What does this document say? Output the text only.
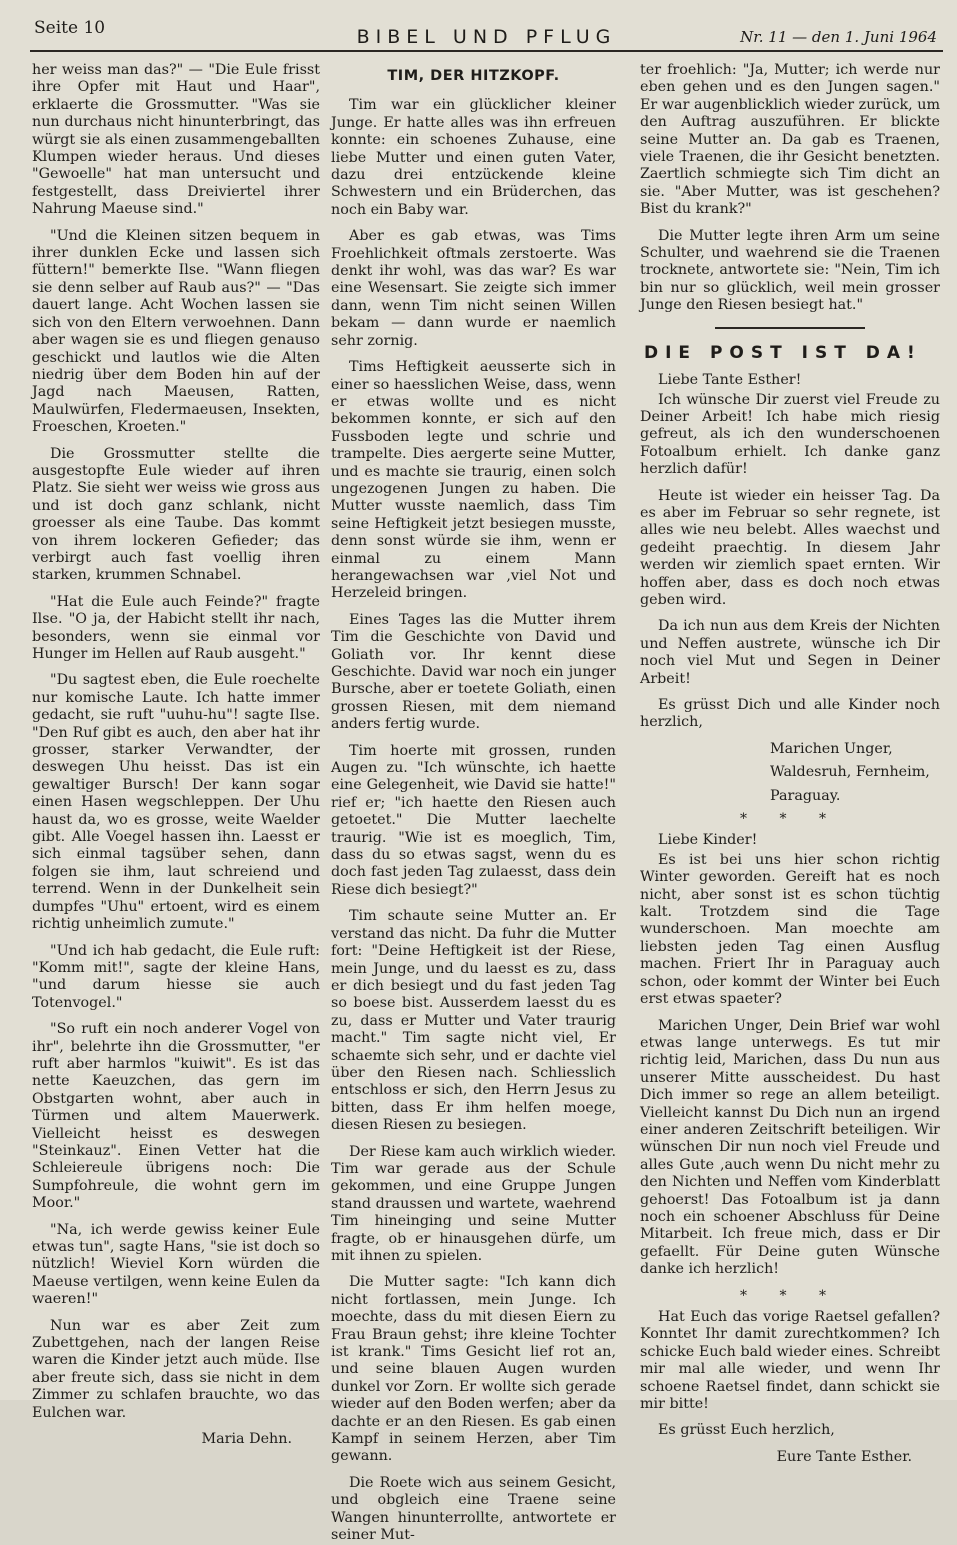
Seite 10	BIBEL UND PFLUG	Nr. 11 — den 1. Juni 1964

her weiss man das?" — "Die Eule frisst ihre Opfer mit Haut und Haar", erklaerte die Grossmutter. "Was sie nun durchaus nicht hinunterbringt, das würgt sie als einen zusammengeballten Klumpen wieder heraus. Und dieses "Gewoelle" hat man untersucht und festgestellt, dass Dreiviertel ihrer Nahrung Maeuse sind."

"Und die Kleinen sitzen bequem in ihrer dunklen Ecke und lassen sich füttern!" bemerkte Ilse. "Wann fliegen sie denn selber auf Raub aus?" — "Das dauert lange. Acht Wochen lassen sie sich von den Eltern verwoehnen. Dann aber wagen sie es und fliegen genauso geschickt und lautlos wie die Alten niedrig über dem Boden hin auf der Jagd nach Maeusen, Ratten, Maulwürfen, Fledermaeusen, Insekten, Froeschen, Kroeten."

Die Grossmutter stellte die ausgestopfte Eule wieder auf ihren Platz. Sie sieht wer weiss wie gross aus und ist doch ganz schlank, nicht groesser als eine Taube. Das kommt von ihrem lockeren Gefieder; das verbirgt auch fast voellig ihren starken, krummen Schnabel.

"Hat die Eule auch Feinde?" fragte Ilse. "O ja, der Habicht stellt ihr nach, besonders, wenn sie einmal vor Hunger im Hellen auf Raub ausgeht."

"Du sagtest eben, die Eule roechelte nur komische Laute. Ich hatte immer gedacht, sie ruft "uuhu-hu"! sagte Ilse. "Den Ruf gibt es auch, den aber hat ihr grosser, starker Verwandter, der deswegen Uhu heisst. Das ist ein gewaltiger Bursch! Der kann sogar einen Hasen wegschleppen. Der Uhu haust da, wo es grosse, weite Waelder gibt. Alle Voegel hassen ihn. Laesst er sich einmal tagsüber sehen, dann folgen sie ihm, laut schreiend und terrend. Wenn in der Dunkelheit sein dumpfes "Uhu" ertoent, wird es einem richtig unheimlich zumute."

"Und ich hab gedacht, die Eule ruft: "Komm mit!", sagte der kleine Hans, "und darum hiesse sie auch Totenvogel."

"So ruft ein noch anderer Vogel von ihr", belehrte ihn die Grossmutter, "er ruft aber harmlos "kuiwit". Es ist das nette Kaeuzchen, das gern im Obstgarten wohnt, aber auch in Türmen und altem Mauerwerk. Vielleicht heisst es deswegen "Steinkauz". Einen Vetter hat die Schleiereule übrigens noch: Die Sumpfohreule, die wohnt gern im Moor."

"Na, ich werde gewiss keiner Eule etwas tun", sagte Hans, "sie ist doch so nützlich! Wieviel Korn würden die Maeuse vertilgen, wenn keine Eulen da waeren!"

Nun war es aber Zeit zum Zubettgehen, nach der langen Reise waren die Kinder jetzt auch müde. Ilse aber freute sich, dass sie nicht in dem Zimmer zu schlafen brauchte, wo das Eulchen war.

Maria Dehn.

TIM, DER HITZKOPF.

Tim war ein glücklicher kleiner Junge. Er hatte alles was ihn erfreuen konnte: ein schoenes Zuhause, eine liebe Mutter und einen guten Vater, dazu drei entzückende kleine Schwestern und ein Brüderchen, das noch ein Baby war.

Aber es gab etwas, was Tims Froehlichkeit oftmals zerstoerte. Was denkt ihr wohl, was das war? Es war eine Wesensart. Sie zeigte sich immer dann, wenn Tim nicht seinen Willen bekam — dann wurde er naemlich sehr zornig.

Tims Heftigkeit aeusserte sich in einer so haesslichen Weise, dass, wenn er etwas wollte und es nicht bekommen konnte, er sich auf den Fussboden legte und schrie und trampelte. Dies aergerte seine Mutter, und es machte sie traurig, einen solch ungezogenen Jungen zu haben. Die Mutter wusste naemlich, dass Tim seine Heftigkeit jetzt besiegen musste, denn sonst würde sie ihm, wenn er einmal zu einem Mann herangewachsen war ,viel Not und Herzeleid bringen.

Eines Tages las die Mutter ihrem Tim die Geschichte von David und Goliath vor. Ihr kennt diese Geschichte. David war noch ein junger Bursche, aber er toetete Goliath, einen grossen Riesen, mit dem niemand anders fertig wurde.

Tim hoerte mit grossen, runden Augen zu. "Ich wünschte, ich haette eine Gelegenheit, wie David sie hatte!" rief er; "ich haette den Riesen auch getoetet." Die Mutter laechelte traurig. "Wie ist es moeglich, Tim, dass du so etwas sagst, wenn du es doch fast jeden Tag zulaesst, dass dein Riese dich besiegt?"

Tim schaute seine Mutter an. Er verstand das nicht. Da fuhr die Mutter fort: "Deine Heftigkeit ist der Riese, mein Junge, und du laesst es zu, dass er dich besiegt und du fast jeden Tag so boese bist. Ausserdem laesst du es zu, dass er Mutter und Vater traurig macht." Tim sagte nicht viel, Er schaemte sich sehr, und er dachte viel über den Riesen nach. Schliesslich entschloss er sich, den Herrn Jesus zu bitten, dass Er ihm helfen moege, diesen Riesen zu besiegen.

Der Riese kam auch wirklich wieder. Tim war gerade aus der Schule gekommen, und eine Gruppe Jungen stand draussen und wartete, waehrend Tim hineinging und seine Mutter fragte, ob er hinausgehen dürfe, um mit ihnen zu spielen.

Die Mutter sagte: "Ich kann dich nicht fortlassen, mein Junge. Ich moechte, dass du mit diesen Eiern zu Frau Braun gehst; ihre kleine Tochter ist krank." Tims Gesicht lief rot an, und seine blauen Augen wurden dunkel vor Zorn. Er wollte sich gerade wieder auf den Boden werfen; aber da dachte er an den Riesen. Es gab einen Kampf in seinem Herzen, aber Tim gewann.

Die Roete wich aus seinem Gesicht, und obgleich eine Traene seine Wangen hinunterrollte, antwortete er seiner Mut-

ter froehlich: "Ja, Mutter; ich werde nur eben gehen und es den Jungen sagen." Er war augenblicklich wieder zurück, um den Auftrag auszuführen. Er blickte seine Mutter an. Da gab es Traenen, viele Traenen, die ihr Gesicht benetzten. Zaertlich schmiegte sich Tim dicht an sie. "Aber Mutter, was ist geschehen? Bist du krank?"

Die Mutter legte ihren Arm um seine Schulter, und waehrend sie die Traenen trocknete, antwortete sie: "Nein, Tim ich bin nur so glücklich, weil mein grosser Junge den Riesen besiegt hat."

DIE POST IST DA!

Liebe Tante Esther!

Ich wünsche Dir zuerst viel Freude zu Deiner Arbeit! Ich habe mich riesig gefreut, als ich den wunderschoenen Fotoalbum erhielt. Ich danke ganz herzlich dafür!

Heute ist wieder ein heisser Tag. Da es aber im Februar so sehr regnete, ist alles wie neu belebt. Alles waechst und gedeiht praechtig. In diesem Jahr werden wir ziemlich spaet ernten. Wir hoffen aber, dass es doch noch etwas geben wird.

Da ich nun aus dem Kreis der Nichten und Neffen austrete, wünsche ich Dir noch viel Mut und Segen in Deiner Arbeit!

Es grüsst Dich und alle Kinder noch herzlich,

Marichen Unger,

Waldesruh, Fernheim,

Paraguay.

* * *

Liebe Kinder!

Es ist bei uns hier schon richtig Winter geworden. Gereift hat es noch nicht, aber sonst ist es schon tüchtig kalt. Trotzdem sind die Tage wunderschoen. Man moechte am liebsten jeden Tag einen Ausflug machen. Friert Ihr in Paraguay auch schon, oder kommt der Winter bei Euch erst etwas spaeter?

Marichen Unger, Dein Brief war wohl etwas lange unterwegs. Es tut mir richtig leid, Marichen, dass Du nun aus unserer Mitte ausscheidest. Du hast Dich immer so rege an allem beteiligt. Vielleicht kannst Du Dich nun an irgend einer anderen Zeitschrift beteiligen. Wir wünschen Dir nun noch viel Freude und alles Gute ,auch wenn Du nicht mehr zu den Nichten und Neffen vom Kinderblatt gehoerst! Das Fotoalbum ist ja dann noch ein schoener Abschluss für Deine Mitarbeit. Ich freue mich, dass er Dir gefaellt. Für Deine guten Wünsche danke ich herzlich!

* * *

Hat Euch das vorige Raetsel gefallen? Konntet Ihr damit zurechtkommen? Ich schicke Euch bald wieder eines. Schreibt mir mal alle wieder, und wenn Ihr schoene Raetsel findet, dann schickt sie mir bitte!

Es grüsst Euch herzlich,

Eure Tante Esther.
